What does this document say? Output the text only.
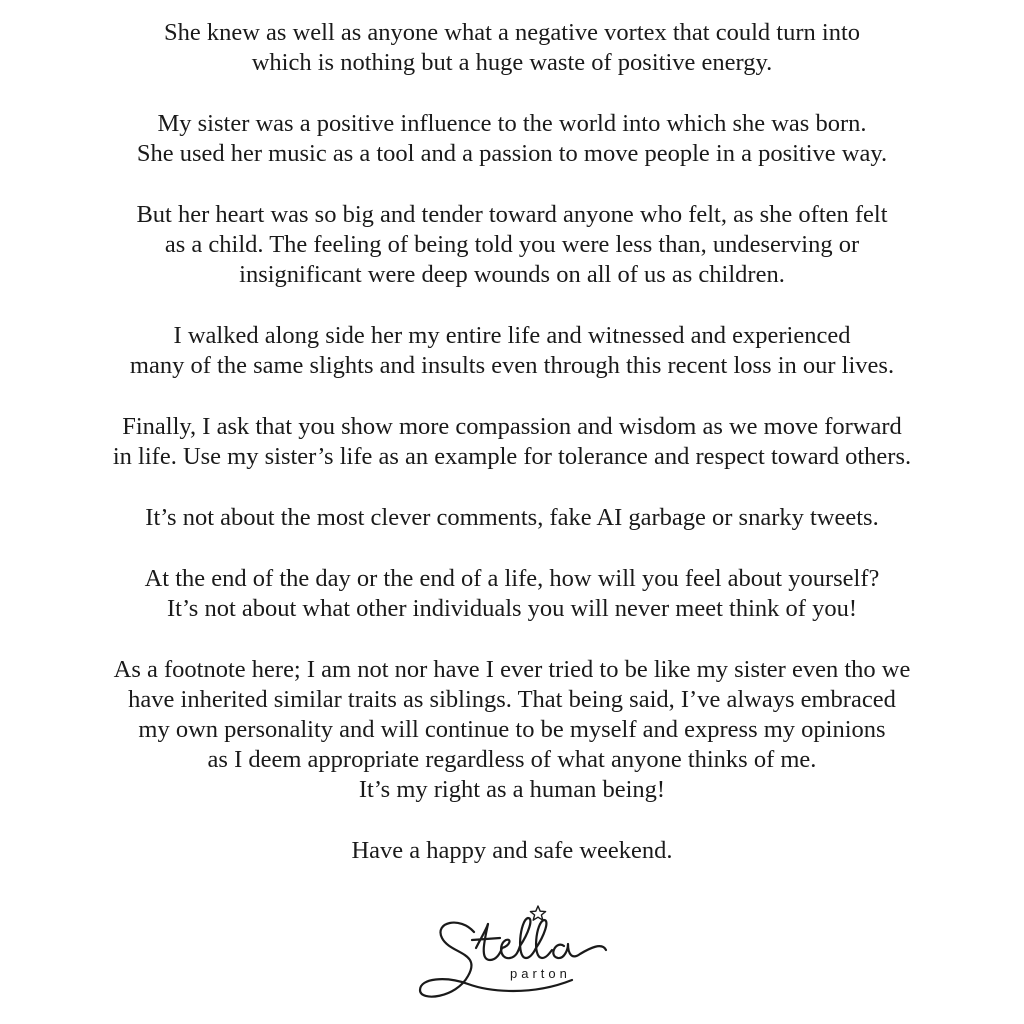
She knew as well as anyone what a negative vortex that could turn into
which is nothing but a huge waste of positive energy.

My sister was a positive influence to the world into which she was born.
She used her music as a tool and a passion to move people in a positive way.

But her heart was so big and tender toward anyone who felt, as she often felt
as a child. The feeling of being told you were less than, undeserving or
insignificant were deep wounds on all of us as children.

I walked along side her my entire life and witnessed and experienced
many of the same slights and insults even through this recent loss in our lives.

Finally, I ask that you show more compassion and wisdom as we move forward
in life. Use my sister’s life as an example for tolerance and respect toward others.

It’s not about the most clever comments, fake AI garbage or snarky tweets.

At the end of the day or the end of a life, how will you feel about yourself?
It’s not about what other individuals you will never meet think of you!

As a footnote here; I am not nor have I ever tried to be like my sister even tho we
have inherited similar traits as siblings. That being said, I’ve always embraced
my own personality and will continue to be myself and express my opinions
as I deem appropriate regardless of what anyone thinks of me.
It’s my right as a human being!

Have a happy and safe weekend.

parton
